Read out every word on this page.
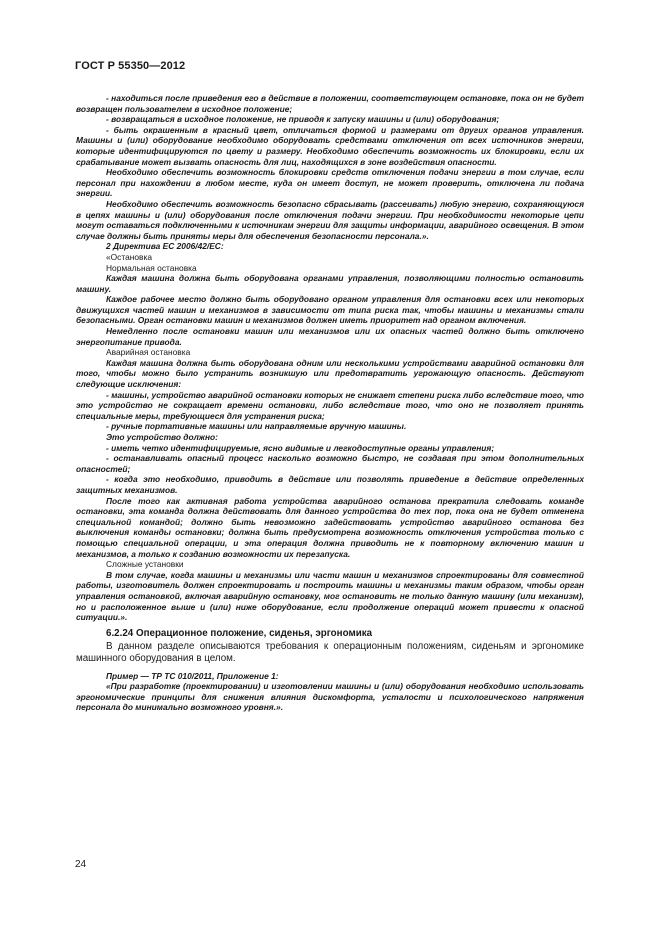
ГОСТ Р 55350—2012

- находиться после приведения его в действие в положении, соответствующем остановке, пока он не будет возвращен пользователем в исходное положение;

- возвращаться в исходное положение, не приводя к запуску машины и (или) оборудования;

- быть окрашенным в красный цвет, отличаться формой и размерами от других органов управления. Машины и (или) оборудование необходимо оборудовать средствами отключения от всех источников энергии, которые идентифицируются по цвету и размеру. Необходимо обеспечить возможность их блокировки, если их срабатывание может вызвать опасность для лиц, находящихся в зоне воздействия опасности.

Необходимо обеспечить возможность блокировки средств отключения подачи энергии в том случае, если персонал при нахождении в любом месте, куда он имеет доступ, не может проверить, отключена ли подача энергии.

Необходимо обеспечить возможность безопасно сбрасывать (рассеивать) любую энергию, сохраняющуюся в цепях машины и (или) оборудования после отключения подачи энергии. При необходимости некоторые цепи могут оставаться подключенными к источникам энергии для защиты информации, аварийного освещения. В этом случае должны быть приняты меры для обеспечения безопасности персонала.».

2 Директива ЕС 2006/42/ЕС:

«Остановка

Нормальная остановка

Каждая машина должна быть оборудована органами управления, позволяющими полностью остановить машину.

Каждое рабочее место должно быть оборудовано органом управления для остановки всех или некоторых движущихся частей машин и механизмов в зависимости от типа риска так, чтобы машины и механизмы стали безопасными. Орган остановки машин и механизмов должен иметь приоритет над органом включения.

Немедленно после остановки машин или механизмов или их опасных частей должно быть отключено энергопитание привода.

Аварийная остановка

Каждая машина должна быть оборудована одним или несколькими устройствами аварийной остановки для того, чтобы можно было устранить возникшую или предотвратить угрожающую опасность. Действуют следующие исключения:

- машины, устройство аварийной остановки которых не снижает степени риска либо вследствие того, что это устройство не сокращает времени остановки, либо вследствие того, что оно не позволяет принять специальные меры, требующиеся для устранения риска;

- ручные портативные машины или направляемые вручную машины.

Это устройство должно:

- иметь четко идентифицируемые, ясно видимые и легкодоступные органы управления;

- останавливать опасный процесс насколько возможно быстро, не создавая при этом дополнительных опасностей;

- когда это необходимо, приводить в действие или позволять приведение в действие определенных защитных механизмов.

После того как активная работа устройства аварийного останова прекратила следовать команде остановки, эта команда должна действовать для данного устройства до тех пор, пока она не будет отменена специальной командой; должно быть невозможно задействовать устройство аварийного останова без выключения команды остановки; должна быть предусмотрена возможность отключения устройства только с помощью специальной операции, и эта операция должна приводить не к повторному включению машин и механизмов, а только к созданию возможности их перезапуска.

Сложные установки

В том случае, когда машины и механизмы или части машин и механизмов спроектированы для совместной работы, изготовитель должен спроектировать и построить машины и механизмы таким образом, чтобы орган управления остановкой, включая аварийную остановку, мог остановить не только данную машину (или механизм), но и расположенное выше и (или) ниже оборудование, если продолжение операций может привести к опасной ситуации.».

6.2.24 Операционное положение, сиденья, эргономика

В данном разделе описываются требования к операционным положениям, сиденьям и эргономике машинного оборудования в целом.

Пример — ТР ТС 010/2011, Приложение 1:

«При разработке (проектировании) и изготовлении машины и (или) оборудования необходимо использовать эргономические принципы для снижения влияния дискомфорта, усталости и психологического напряжения персонала до минимально возможного уровня.».

24
